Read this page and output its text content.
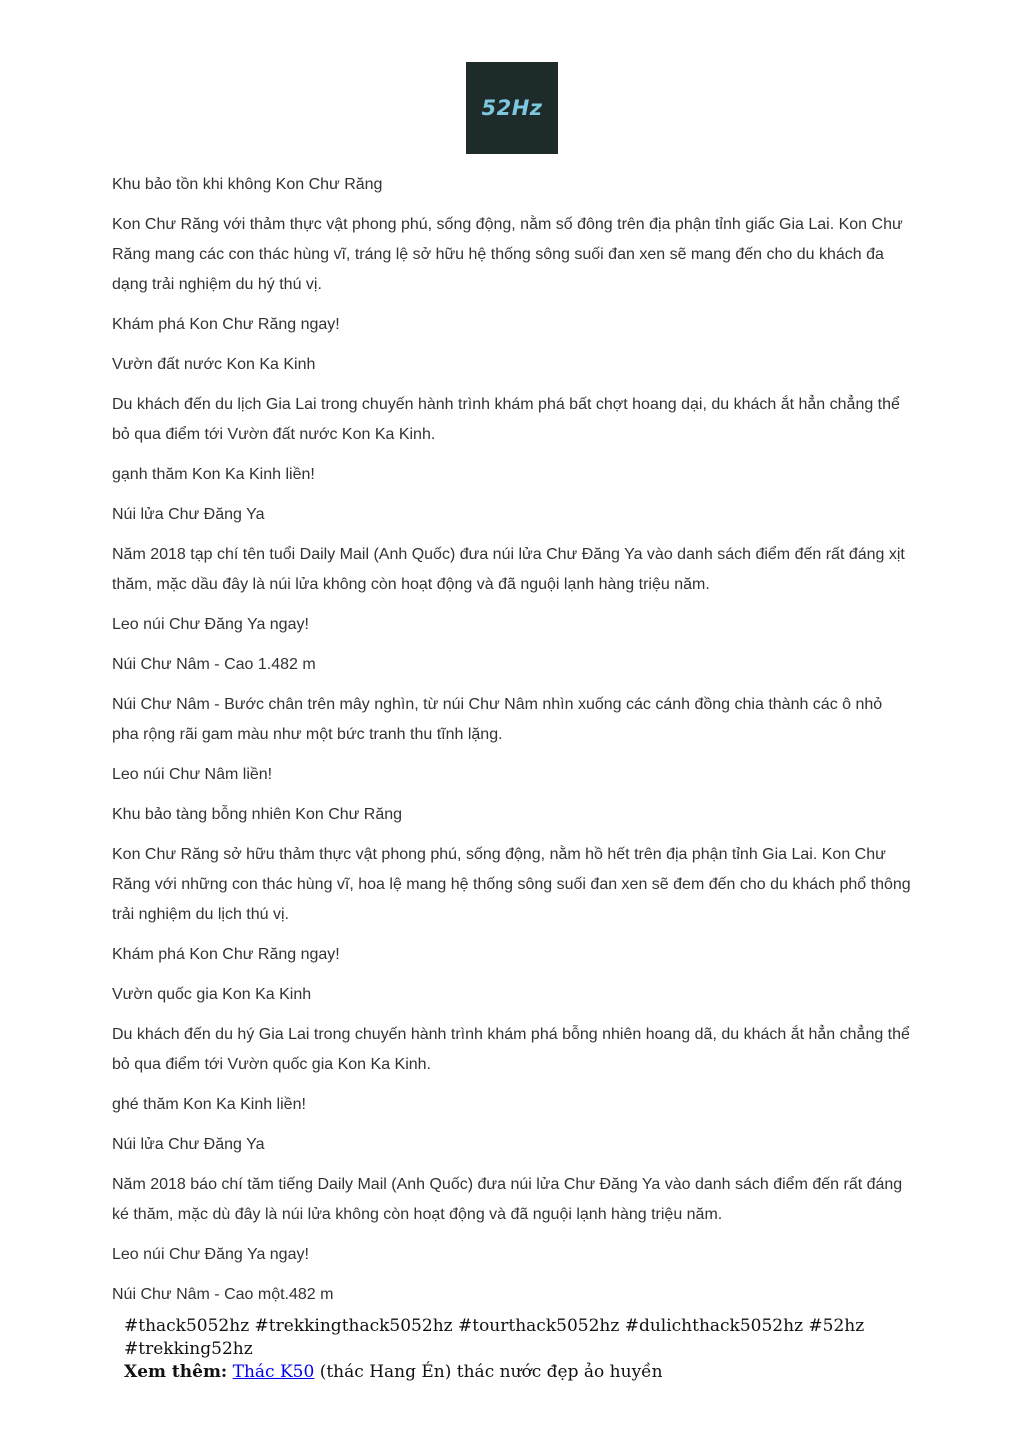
52Hz

Khu bảo tồn khi không Kon Chư Răng

Kon Chư Răng với thảm thực vật phong phú, sống động, nằm số đông trên địa phận tỉnh giấc Gia Lai. Kon Chư Răng mang các con thác hùng vĩ, tráng lệ sở hữu hệ thống sông suối đan xen sẽ mang đến cho du khách đa dạng trải nghiệm du hý thú vị.

Khám phá Kon Chư Răng ngay!

Vườn đất nước Kon Ka Kinh

Du khách đến du lịch Gia Lai trong chuyến hành trình khám phá bất chợt hoang dại, du khách ắt hẳn chẳng thể bỏ qua điểm tới Vườn đất nước Kon Ka Kinh.

gạnh thăm Kon Ka Kinh liền!

Núi lửa Chư Đăng Ya

Năm 2018 tạp chí tên tuổi Daily Mail (Anh Quốc) đưa núi lửa Chư Đăng Ya vào danh sách điểm đến rất đáng xịt thăm, mặc dầu đây là núi lửa không còn hoạt động và đã nguội lạnh hàng triệu năm.

Leo núi Chư Đăng Ya ngay!

Núi Chư Nâm - Cao 1.482 m

Núi Chư Nâm - Bước chân trên mây nghìn, từ núi Chư Nâm nhìn xuống các cánh đồng chia thành các ô nhỏ pha rộng rãi gam màu như một bức tranh thu tĩnh lặng.

Leo núi Chư Nâm liền!

Khu bảo tàng bỗng nhiên Kon Chư Răng

Kon Chư Răng sở hữu thảm thực vật phong phú, sống động, nằm hồ hết trên địa phận tỉnh Gia Lai. Kon Chư Răng với những con thác hùng vĩ, hoa lệ mang hệ thống sông suối đan xen sẽ đem đến cho du khách phổ thông trải nghiệm du lịch thú vị.

Khám phá Kon Chư Răng ngay!

Vườn quốc gia Kon Ka Kinh

Du khách đến du hý Gia Lai trong chuyến hành trình khám phá bỗng nhiên hoang dã, du khách ắt hẳn chẳng thể bỏ qua điểm tới Vườn quốc gia Kon Ka Kinh.

ghé thăm Kon Ka Kinh liền!

Núi lửa Chư Đăng Ya

Năm 2018 báo chí tăm tiếng Daily Mail (Anh Quốc) đưa núi lửa Chư Đăng Ya vào danh sách điểm đến rất đáng ké thăm, mặc dù đây là núi lửa không còn hoạt động và đã nguội lạnh hàng triệu năm.

Leo núi Chư Đăng Ya ngay!

Núi Chư Nâm - Cao một.482 m

#thack5052hz #trekkingthack5052hz #tourthack5052hz #dulichthack5052hz #52hz #trekking52hz

Xem thêm: Thác K50 (thác Hang Én) thác nước đẹp ảo huyền
